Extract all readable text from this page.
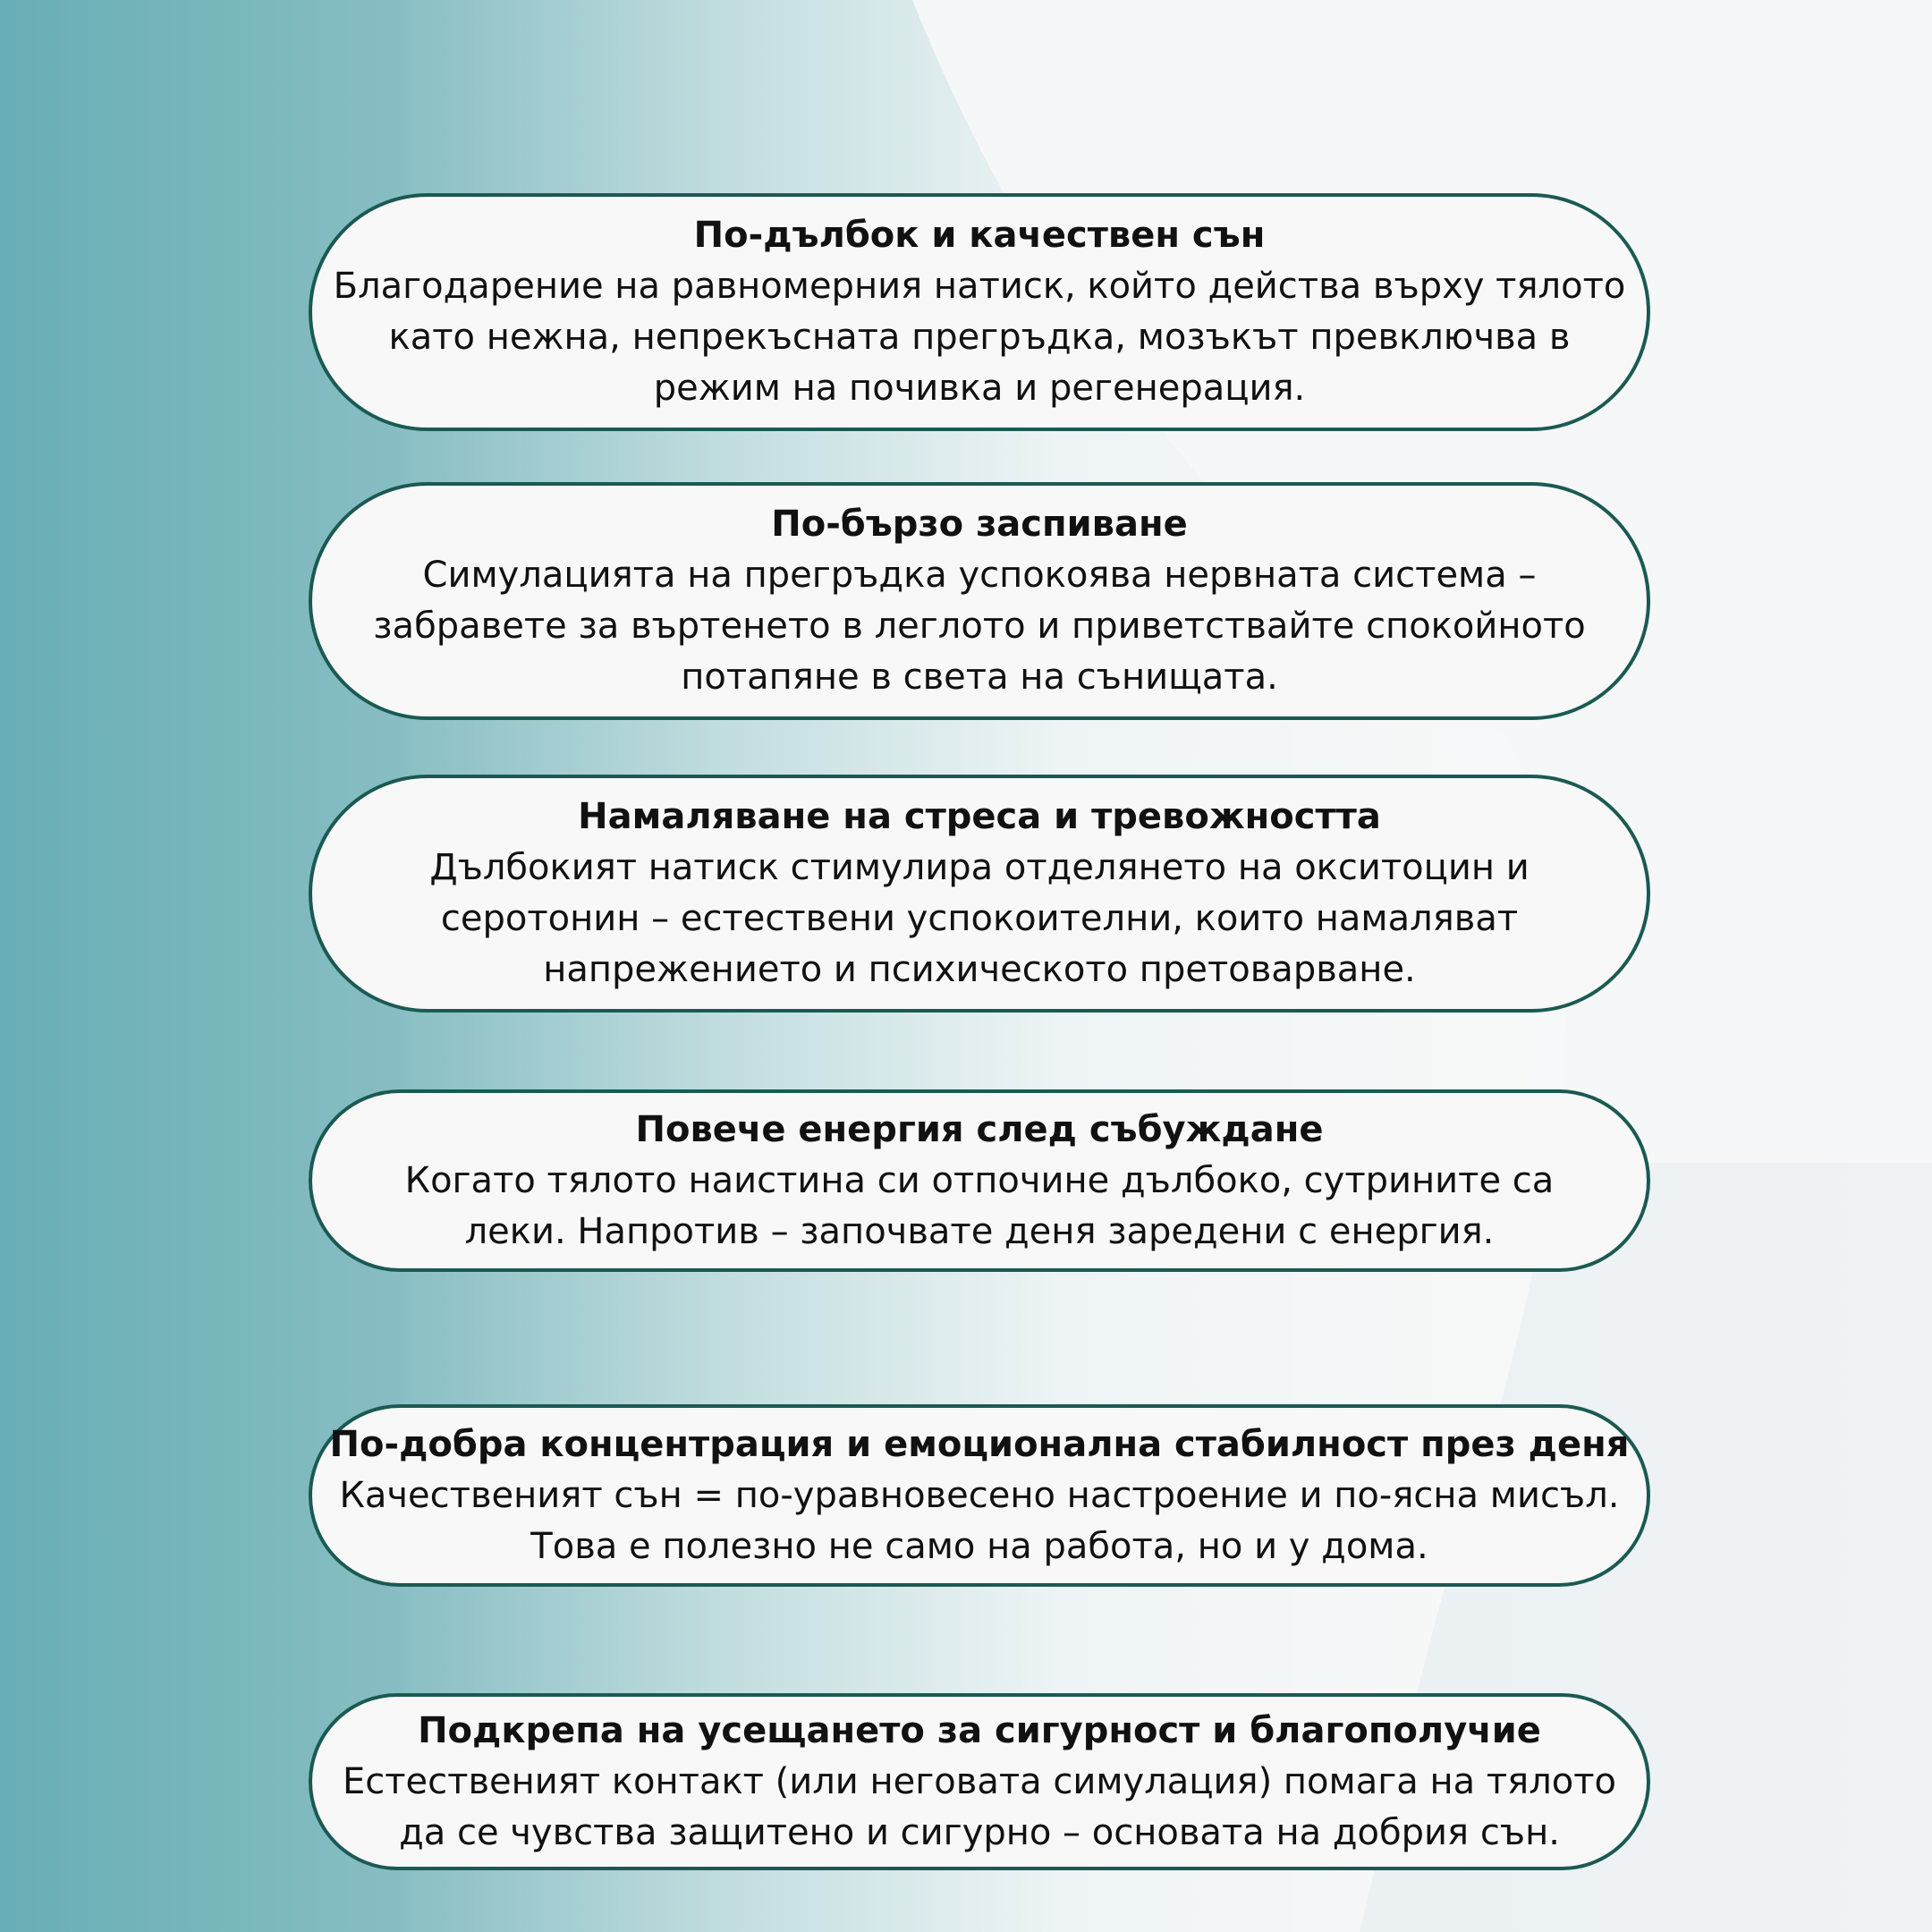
По-дълбок и качествен сън

Благодарение на равномерния натиск, който действа върху тялото като нежна, непрекъсната прегръдка, мозъкът превключва в режим на почивка и регенерация.

По-бързо заспиване

Симулацията на прегръдка успокоява нервната система – забравете за въртенето в леглото и приветствайте спокойното потапяне в света на сънищата.

Намаляване на стреса и тревожността

Дълбокият натиск стимулира отделянето на окситоцин и серотонин – естествени успокоителни, които намаляват напрежението и психическото претоварване.

Повече енергия след събуждане

Когато тялото наистина си отпочине дълбоко, сутрините са леки. Напротив – започвате деня заредени с енергия.

По-добра концентрация и емоционална стабилност през деня

Качественият сън = по-уравновесено настроение и по-ясна мисъл. Това е полезно не само на работа, но и у дома.

Подкрепа на усещането за сигурност и благополучие

Естественият контакт (или неговата симулация) помага на тялото да се чувства защитено и сигурно – основата на добрия сън.
